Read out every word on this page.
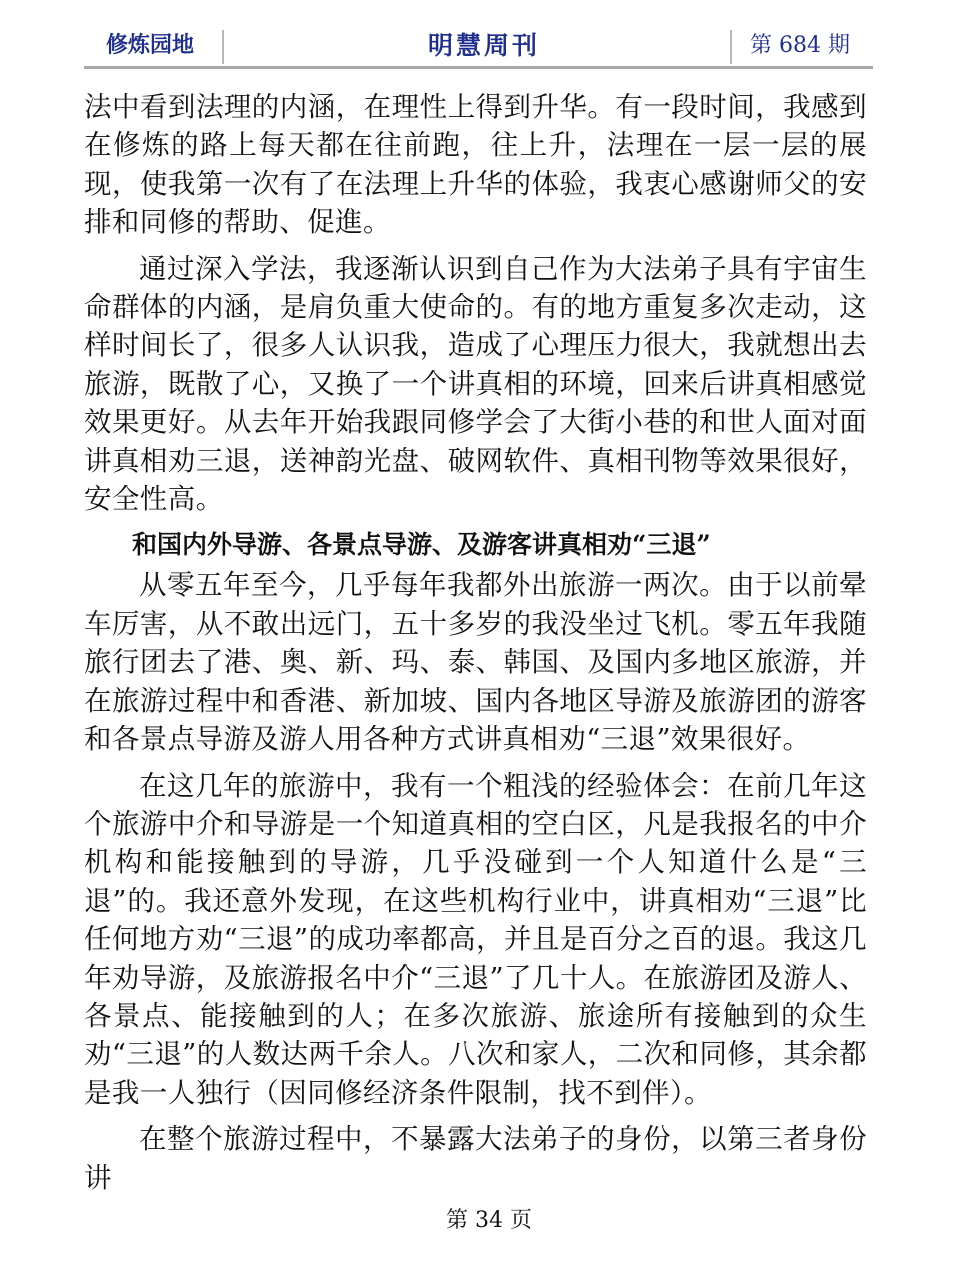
修炼园地	明慧周刊	第 684 期

法中看到法理的内涵，在理性上得到升华。有一段时间，我感到在修炼的路上每天都在往前跑，往上升，法理在一层一层的展现，使我第一次有了在法理上升华的体验，我衷心感谢师父的安排和同修的帮助、促進。

通过深入学法，我逐渐认识到自己作为大法弟子具有宇宙生命群体的内涵，是肩负重大使命的。有的地方重复多次走动，这样时间长了，很多人认识我，造成了心理压力很大，我就想出去旅游，既散了心，又换了一个讲真相的环境，回来后讲真相感觉效果更好。从去年开始我跟同修学会了大街小巷的和世人面对面讲真相劝三退，送神韵光盘、破网软件、真相刊物等效果很好，安全性高。

和国内外导游、各景点导游、及游客讲真相劝“三退”

从零五年至今，几乎每年我都外出旅游一两次。由于以前晕车厉害，从不敢出远门，五十多岁的我没坐过飞机。零五年我随旅行团去了港、奥、新、玛、泰、韩国、及国内多地区旅游，并在旅游过程中和香港、新加坡、国内各地区导游及旅游团的游客和各景点导游及游人用各种方式讲真相劝“三退”效果很好。

在这几年的旅游中，我有一个粗浅的经验体会：在前几年这个旅游中介和导游是一个知道真相的空白区，凡是我报名的中介机构和能接触到的导游，几乎没碰到一个人知道什么是“三退”的。我还意外发现，在这些机构行业中，讲真相劝“三退”比任何地方劝“三退”的成功率都高，并且是百分之百的退。我这几年劝导游，及旅游报名中介“三退”了几十人。在旅游团及游人、各景点、能接触到的人；在多次旅游、旅途所有接触到的众生劝“三退”的人数达两千余人。八次和家人，二次和同修，其余都是我一人独行（因同修经济条件限制，找不到伴）。

在整个旅游过程中，不暴露大法弟子的身份，以第三者身份讲

第 34 页
